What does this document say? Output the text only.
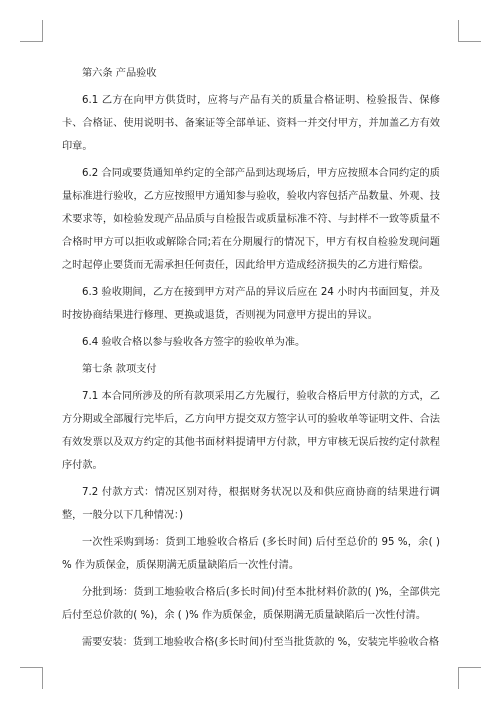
第六条 产品验收

6.1 乙方在向甲方供货时，应将与产品有关的质量合格证明、检验报告、保修卡、合格证、使用说明书、备案证等全部单证、资料一并交付甲方，并加盖乙方有效印章。

6.2 合同或要货通知单约定的全部产品到达现场后，甲方应按照本合同约定的质量标准进行验收，乙方应按照甲方通知参与验收，验收内容包括产品数量、外观、技术要求等，如检验发现产品品质与自检报告或质量标准不符、与封样不一致等质量不合格时甲方可以拒收或解除合同;若在分期履行的情况下，甲方有权自检验发现问题之时起停止要货而无需承担任何责任，因此给甲方造成经济损失的乙方进行赔偿。

6.3 验收期间，乙方在接到甲方对产品的异议后应在 24 小时内书面回复，并及时按协商结果进行修理、更换或退货，否则视为同意甲方提出的异议。

6.4 验收合格以参与验收各方签字的验收单为准。

第七条 款项支付

7.1 本合同所涉及的所有款项采用乙方先履行，验收合格后甲方付款的方式，乙方分期或全部履行完毕后，乙方向甲方提交双方签字认可的验收单等证明文件、合法有效发票以及双方约定的其他书面材料提请甲方付款，甲方审核无误后按约定付款程序付款。

7.2 付款方式：情况区别对待，根据财务状况以及和供应商协商的结果进行调整，一般分以下几种情况：)

一次性采购到场：货到工地验收合格后 (多长时间) 后付至总价的 95 %，余( ) % 作为质保金，质保期满无质量缺陷后一次性付清。

分批到场：货到工地验收合格后(多长时间)付至本批材料价款的( )%，全部供完后付至总价款的( %)，余 ( )% 作为质保金，质保期满无质量缺陷后一次性付清。

需要安装：货到工地验收合格(多长时间)付至当批货款的 %，安装完毕验收合格
